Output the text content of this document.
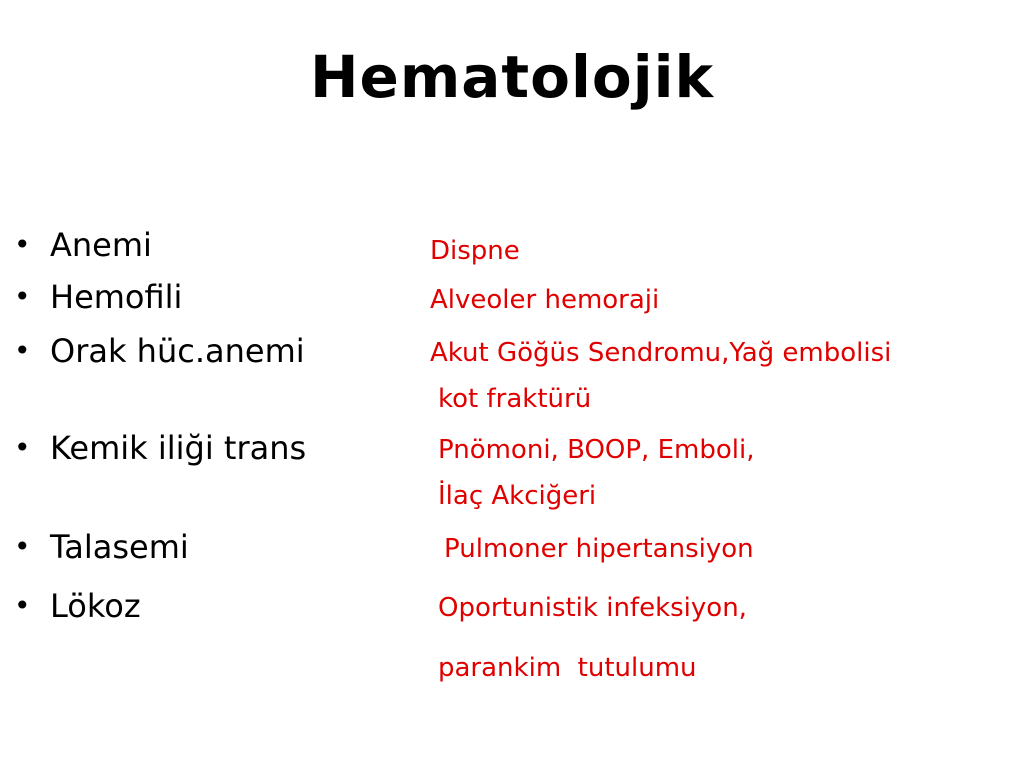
Hematolojik
• Anemi	Dispne
• Hemofili	Alveoler hemoraji
• Orak hüc.anemi	Akut Göğüs Sendromu,Yağ embolisi
kot fraktürü
• Kemik iliği trans	Pnömoni, BOOP, Emboli,
İlaç Akciğeri
• Talasemi	Pulmoner hipertansiyon
• Lökoz	Oportunistik infeksiyon,
parankim  tutulumu
